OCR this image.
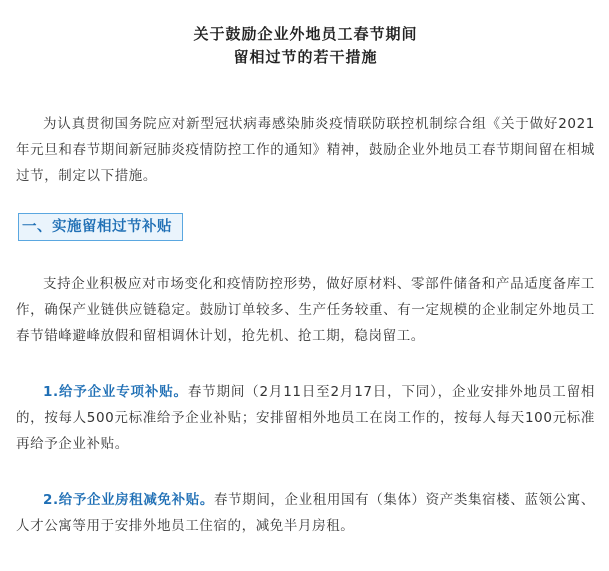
关于鼓励企业外地员工春节期间
留相过节的若干措施

为认真贯彻国务院应对新型冠状病毒感染肺炎疫情联防联控机制综合组《关于做好2021年元旦和春节期间新冠肺炎疫情防控工作的通知》精神，鼓励企业外地员工春节期间留在相城过节，制定以下措施。

一、实施留相过节补贴

支持企业积极应对市场变化和疫情防控形势，做好原材料、零部件储备和产品适度备库工作，确保产业链供应链稳定。鼓励订单较多、生产任务较重、有一定规模的企业制定外地员工春节错峰避峰放假和留相调休计划，抢先机、抢工期，稳岗留工。

1.给予企业专项补贴。春节期间（2月11日至2月17日，下同），企业安排外地员工留相的，按每人500元标准给予企业补贴；安排留相外地员工在岗工作的，按每人每天100元标准再给予企业补贴。

2.给予企业房租减免补贴。春节期间，企业租用国有（集体）资产类集宿楼、蓝领公寓、人才公寓等用于安排外地员工住宿的，减免半月房租。
